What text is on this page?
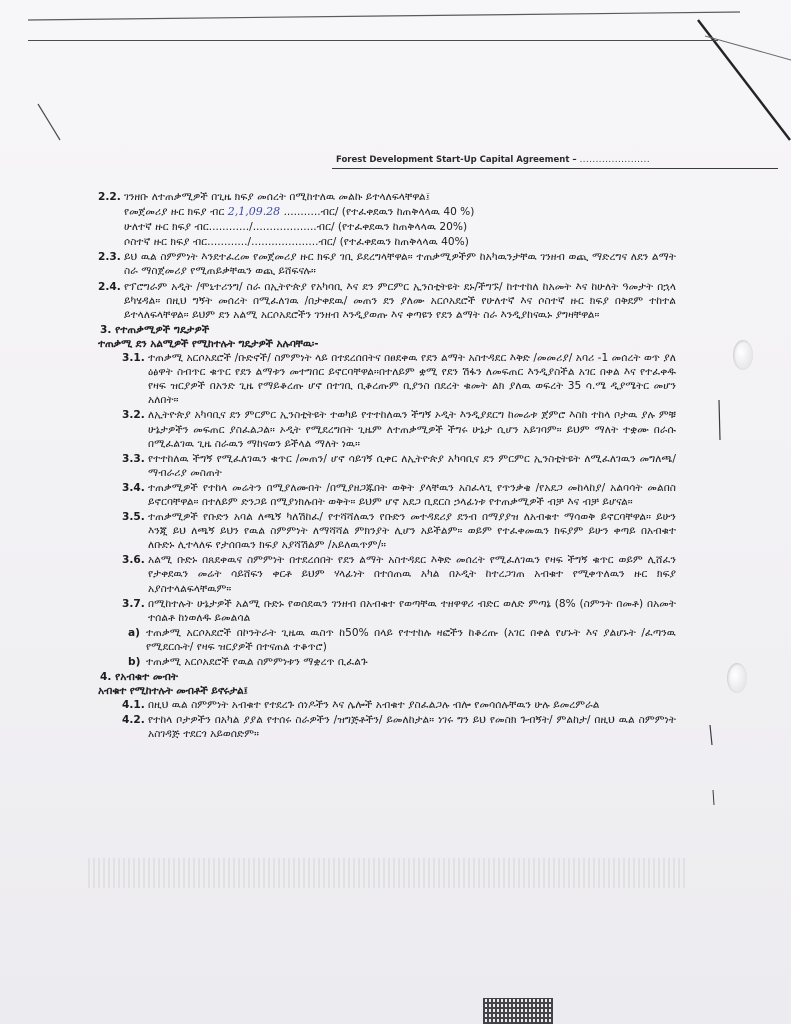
Forest Development Start-Up Capital Agreement – ......................
2.2. ገንዘቡ ለተጠቃሚዎች በጊዜ ክፍያ መሰረት በሚከተለዉ መልኩ ይተላለፍላቸዋል፤
የመጀመሪያ ዙር ክፍያ ብር 2,1,09.28 ...........ብር/ (የተፈቀደዉን ከጠቅላላዉ 40 %)
ሁለተኛ ዙር ክፍያ ብር............/...................ብር/ (የተፈቀደዉን ከጠቅላላዉ 20%)
ሶስተኛ ዙር ክፍያ ብር............/....................ብር/ (የተፈቀደዉን ከጠቅላላዉ 40%)
2.3. ይህ ዉል ስምምነት እንደተፈረመ የመጀመሪያ ዙር ክፍያ ገቢ ይደረግላቸዋል። ተጠቃሚዎችም ከአካዉንታቸዉ ገንዘብ ወጪ ማድረግና ለደን ልማት ስራ ማስጀመሪያ የሚጠይቃቸዉን ወጪ ይሸፍናሉ።
2.4. የፕሮግራም አዲት /ሞኒተሪንግ/ ስራ በኢትዮጵያ የአካባቢ እና ደን ምርምር ኢንስቲትዩት ደኑ/ችግኙ/ ከተተከለ ከአመት እና ከሁለት ዓመታት በኋላ ይካሄዳል። በዚህ ግኝት መሰረት በሚፈለገዉ /በታቀደዉ/ መጠን ደን ያለሙ አርሶአደሮች የሁለተኛ እና ሶስተኛ ዙር ክፍያ በቅደም ተከተል ይተላለፍላቸዋል። ይህም ደን አልሚ አርሶአደሮችን ገንዘብ እንዲያወጡ እና ቀጣዩን የደን ልማት ስራ እንዲያከናዉኑ ያግዛቸዋል።
3. የተጠቃሚዎች ግዴታዎች
ተጠቃሚ ደን አልሚዎች የሚከተሉት ግዴታዎች አሉባቸዉ፡-
3.1. ተጠቃሚ አርሶአደሮች /ቡድኖች/ ስምምነት ላይ በተደረሰበትና በፀደቀዉ የደን ልማት አስተዳደር እቅድ /መመሪያ/ አባሪ -1 መሰረት ወጥ ያለ ዕፅዋት ስብጥር ቁጥር የደን ልማቱን መተግበር ይኖርባቸዋል።በተለይም ቋሚ የደን ሽፋን ለመፍጠር እንዲያስችል አገር በቀል እና የተፈቀዱ የዛፍ ዝርያዎች በአንድ ጊዜ የማይቆረጡ ሆኖ በተገቢ ቢቆረጡም ቢያንስ በደረት ቁመት ልክ ያለዉ ወፍረት 35 ሳ.ሜ ዲያሜትር መሆን አለበት።
3.2. ለኢትዮጵያ አካባቢና ደን ምርምር ኢንስቲትዩት ተወካይ የተተከለዉን ችግኝ ኦዲት እንዲያደርግ ከመሬቱ ጀምሮ እስከ ተከላ ቦታዉ ያሉ ምቹ ሁኔታዎችን መፍጠር ያስፈልጋል። ኦዲት የሚደረግበት ጊዜም ለተጠቃሚዎች ችግሩ ሁኔታ ሲሆን አይገባም። ይህም ማለት ተቋሙ በራሱ በሚፈልገዉ ጊዜ ስራዉን ማከናወን ይችላል ማለት ነዉ።
3.3. የተተከለዉ ችግኝ የሚፈለገዉን ቁጥር /መጠን/ ሆኖ ሳይገኝ ሲቀር ለኢትዮጵያ አካባቢና ደን ምርምር ኢንስቲትዩት ለሚፈለገዉን መግለጫ/ማብራሪያ መስጠት
3.4. ተጠቃሚዎች የተከላ መሬትን በሚያለሙበት /በሚያዘጋጁበት ወቅት ያላቸዉን አስፈላጊ የጥንቃቄ /የአደጋ መከላከያ/ አልባሳት መልበስ ይኖርባቸዋል። በተለይም ድንጋይ በሚያነክሉበት ወቅት። ይህም ሆኖ አደጋ ቢደርስ ኃላፊነቱ የተጠቃሚዎች ብቻ እና ብቻ ይሆናል።
3.5. ተጠቃሚዎች የቡድን አባል ለጫኝ ካለሽከፈ/ የተሻሻለዉን የቡድን መተዳደሪያ ደንብ በማያያዝ ለአብቁተ ማሳወቅ ይኖርባቸዋል። ይሁን እንጂ ይህ ለጫኝ ይህን የዉል ስምምነት ለማሻሻል ምክንያት ሊሆን አይችልም። ወይም የተፈቀመዉን ክፍያም ይሁን ቀጣይ በአብቁተ ለቡድኑ ሊተላለፍ የታሰበዉን ክፍያ አያሻሽልም /አይለዉጥም/።
3.6. አልሚ ቡድኑ በጸደቀዉና ስምምነት በተደረሰበት የደን ልማት አስተዳደር እቅድ መሰረት የሚፈለገዉን የዛፍ ችግኝ ቁጥር ወይም ሊሸፈን የታቀደዉን መሬት ሳይሸፍን ቀርቶ ይህም ሃላፊነት በተሰጠዉ አካል በኦዲት ከተረጋገጠ አብቁተ የሚቀጥለዉን ዙር ክፍያ አያስተላልፍላቸዉም።
3.7. በሚከተሉት ሁኔታዎች አልሚ ቡድኑ የወሰደዉን ገንዘብ በአብቁተ የወጣቸዉ ተዘዋዋሪ ብድር ወለድ ምጣኔ (8% (ስምንት በመቶ) በአመት ተሰልቶ ከነወለዱ ይመልሳል
a) ተጠቃሚ አርሶአደሮች በኮንትራት ጊዜዉ ዉስጥ ከ50% በላይ የተተከሉ ዛፎችን ከቆረጡ (አገር በቀል የሆኑት እና ያልሆኑት /ፈጣንዉ የሚደርሱት/ የዛፍ ዝርያዎች በተናጠል ተቆጥሮ)
b) ተጠቃሚ አርሶአደሮች የዉል ስምምነቱን ማቋረጥ ቢፈልጉ
4. የአብቁተ መብት
አብቁተ የሚከተሉት መብቶች ይኖሩታል፤
4.1. በዚህ ዉል ስምምነት አብቁተ የተደረጉ ሰነዶችን እና ሌሎች አብቁተ ያስፈልጋሉ ብሎ የመሳሰሉቸዉን ሁሉ ይመረምራል
4.2. የተከላ ቦታዎችን በአካል ያያል የተሰሩ ስራዎችን /ዝግጅቶችን/ ይመለከታል። ነገሩ ግን ይህ የመስክ ጉብኝት/ ምልከታ/ በዚህ ዉል ስምምነት አስገዳጅ ተደርጎ አይወሰድም።
